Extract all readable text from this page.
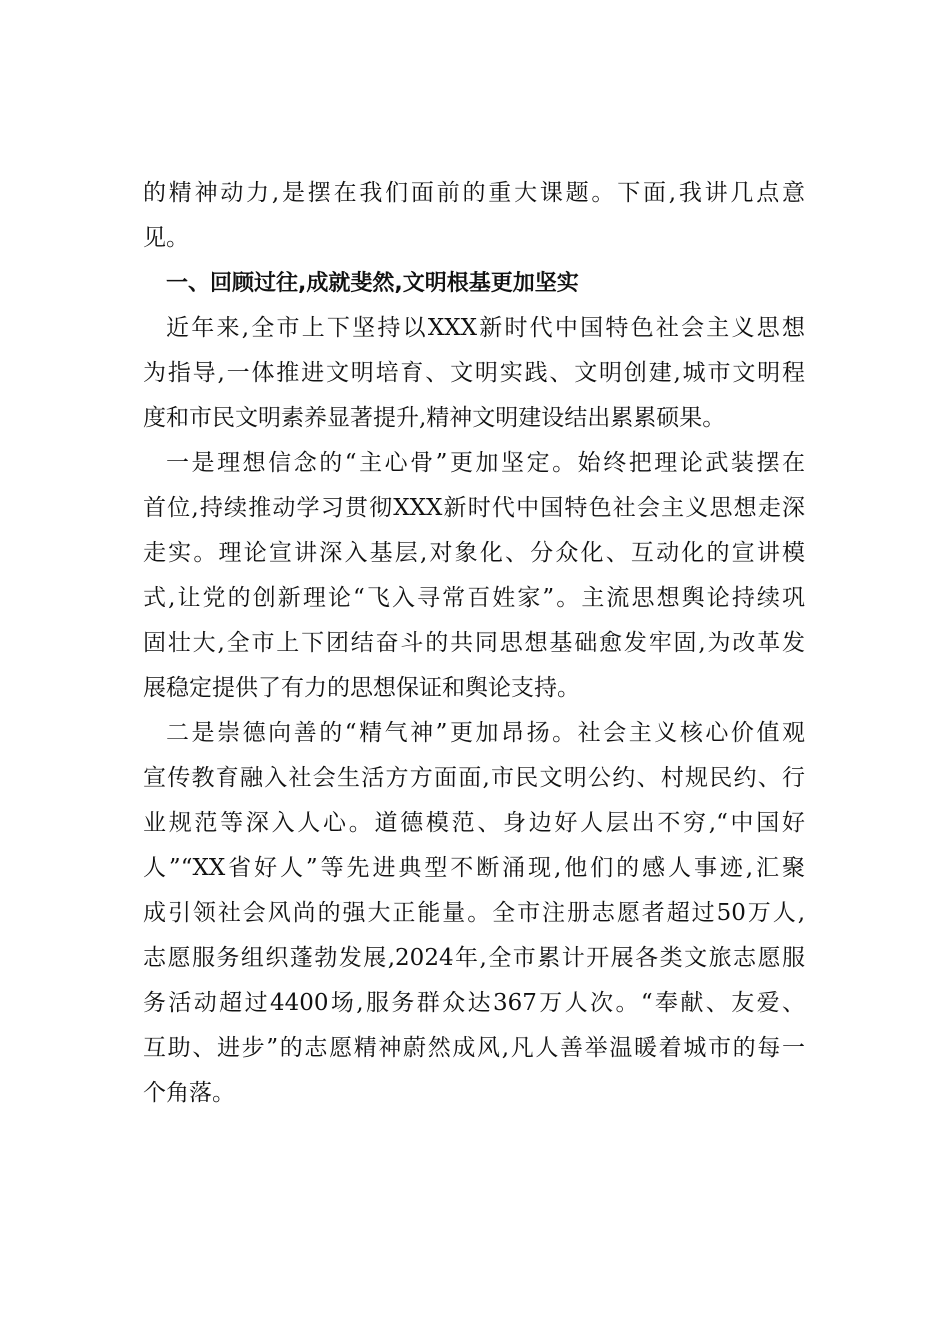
的精神动力,是摆在我们面前的重大课题。下面,我讲几点意
见。
一、回顾过往,成就斐然,文明根基更加坚实
近年来,全市上下坚持以XXX新时代中国特色社会主义思想
为指导,一体推进文明培育、文明实践、文明创建,城市文明程
度和市民文明素养显著提升,精神文明建设结出累累硕果。
一是理想信念的“主心骨”更加坚定。始终把理论武装摆在
首位,持续推动学习贯彻XXX新时代中国特色社会主义思想走深
走实。理论宣讲深入基层,对象化、分众化、互动化的宣讲模
式,让党的创新理论“飞入寻常百姓家”。主流思想舆论持续巩
固壮大,全市上下团结奋斗的共同思想基础愈发牢固,为改革发
展稳定提供了有力的思想保证和舆论支持。
二是崇德向善的“精气神”更加昂扬。社会主义核心价值观
宣传教育融入社会生活方方面面,市民文明公约、村规民约、行
业规范等深入人心。道德模范、身边好人层出不穷,“中国好
人”“XX省好人”等先进典型不断涌现,他们的感人事迹,汇聚
成引领社会风尚的强大正能量。全市注册志愿者超过50万人,
志愿服务组织蓬勃发展,2024年,全市累计开展各类文旅志愿服
务活动超过4400场,服务群众达367万人次。“奉献、友爱、
互助、进步”的志愿精神蔚然成风,凡人善举温暖着城市的每一
个角落。
